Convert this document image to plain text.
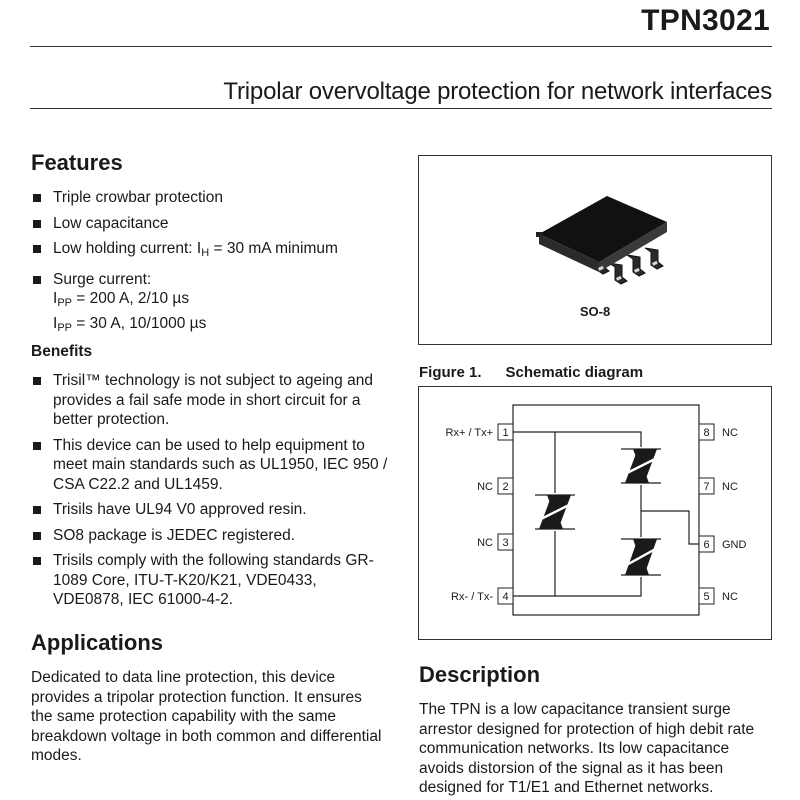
TPN3021
Tripolar overvoltage protection for network interfaces
Features
Triple crowbar protection
Low capacitance
Low holding current: $I_H = 30$ mA minimum
Surge current:
$I_{PP} = 200$ A, 2/10 µs
$I_{PP} = 30$ A, 10/1000 µs
Benefits
Trisil™ technology is not subject to ageing and provides a fail safe mode in short circuit for a better protection.
This device can be used to help equipment to meet main standards such as UL1950, IEC 950 / CSA C22.2 and UL1459.
Trisils have UL94 V0 approved resin.
SO8 package is JEDEC registered.
Trisils comply with the following standards GR-1089 Core, ITU-T-K20/K21, VDE0433, VDE0878, IEC 61000-4-2.
Applications
Dedicated to data line protection, this device provides a tripolar protection function. It ensures the same protection capability with the same breakdown voltage in both common and differential modes.
SO-8
Figure 1. Schematic diagram
1
2
3
4
8
7
6
5
Rx+ / Tx+
NC
NC
Rx- / Tx-
NC
NC
GND
NC
Description
The TPN is a low capacitance transient surge arrestor designed for protection of high debit rate communication networks. Its low capacitance avoids distorsion of the signal as it has been designed for T1/E1 and Ethernet networks.
